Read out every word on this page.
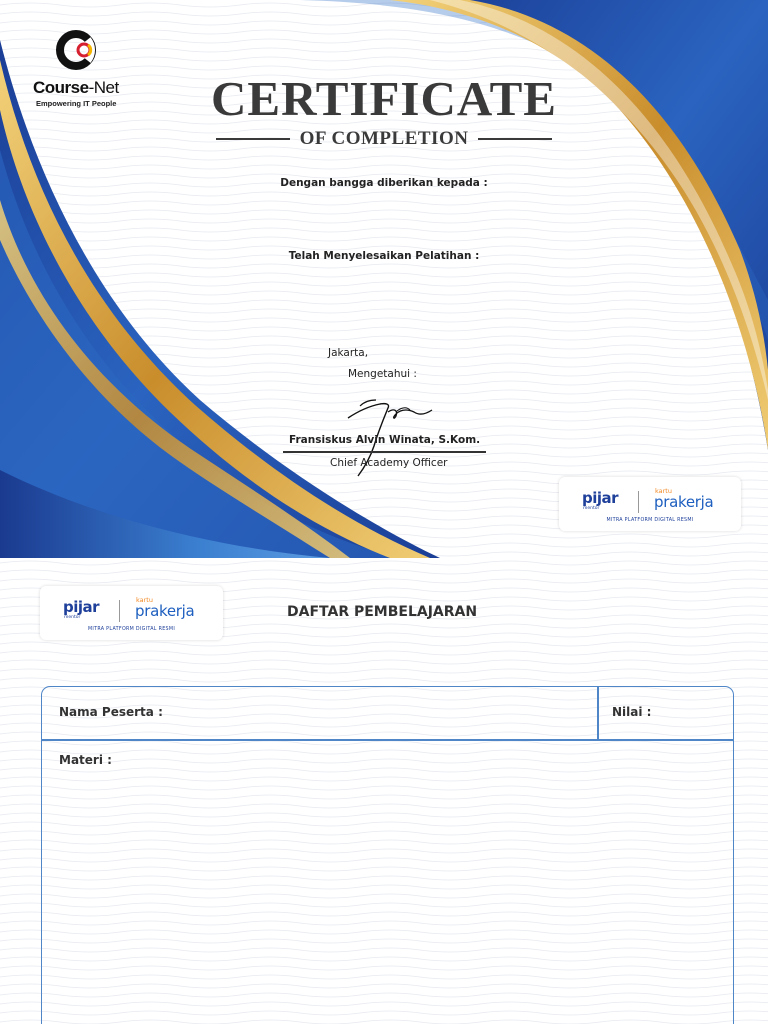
Course-Net
Empowering IT People	CERTIFICATE
OF COMPLETION
Dengan bangga diberikan kepada :
Telah Menyelesaikan Pelatihan :
Jakarta,
Mengetahui :
Fransiskus Alvin Winata, S.Kom.
Chief Academy Officer
pijar
mentor
kartu
prakerja
MITRA PLATFORM DIGITAL RESMI
pijar
mentor
kartu
prakerja
MITRA PLATFORM DIGITAL RESMI
DAFTAR PEMBELAJARAN
Nama Peserta :	Nilai :
Materi :
